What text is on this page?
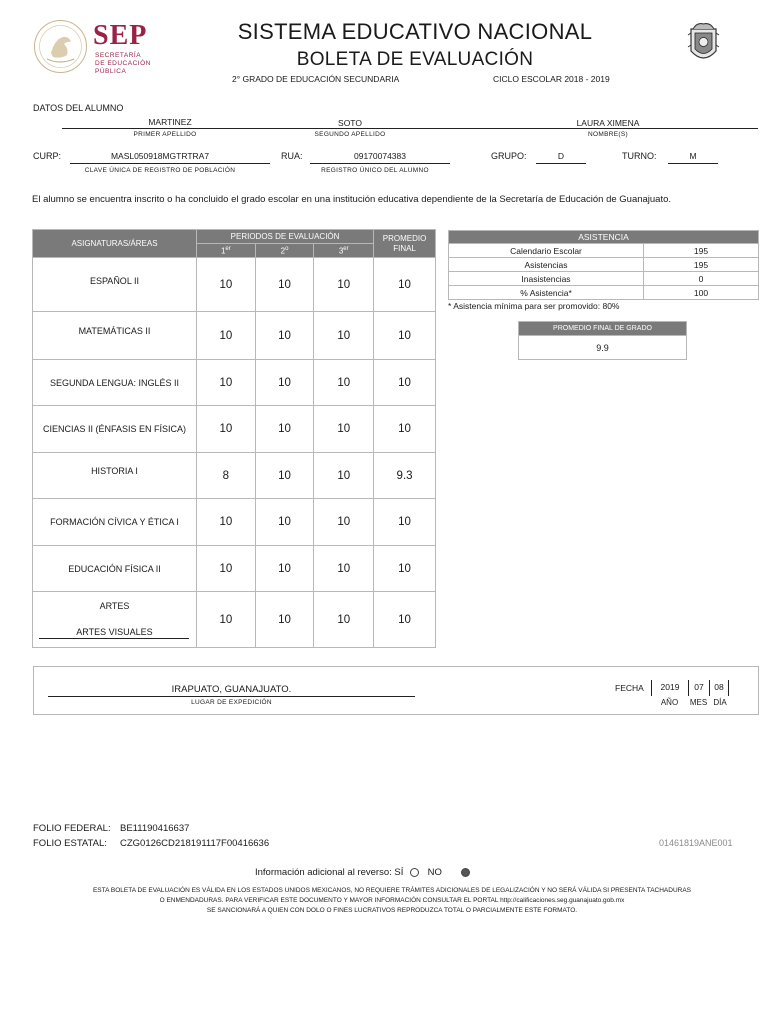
SEP
SECRETARÍA
DE EDUCACIÓN
PÚBLICA
SISTEMA EDUCATIVO NACIONAL
BOLETA DE EVALUACIÓN
2° GRADO DE EDUCACIÓN SECUNDARIA	CICLO ESCOLAR 2018 - 2019
DATOS DEL ALUMNO
MARTINEZ	SOTO	LAURA XIMENA
PRIMER APELLIDO	SEGUNDO APELLIDO	NOMBRE(S)
CURP:	MASL050918MGTRTRA7
CLAVE ÚNICA DE REGISTRO DE POBLACIÓN
RUA:	09170074383
REGISTRO ÚNICO DEL ALUMNO
GRUPO:	D	TURNO:	M
El alumno se encuentra inscrito o ha concluido el grado escolar en una institución educativa dependiente de la Secretaría de Educación de Guanajuato.
ASIGNATURAS/ÁREAS	PERIODOS DE EVALUACIÓN			PROMEDIO
FINAL

	1er	2$^o$	3er
ESPAÑOL II	10	10	10	10
MATEMÁTICAS II	10	10	10	10
SEGUNDA LENGUA: INGLÉS II	10	10	10	10
CIENCIAS II (ÉNFASIS EN FÍSICA)	10	10	10	10
HISTORIA I	8	10	10	9.3
FORMACIÓN CÍVICA Y ÉTICA I	10	10	10	10
EDUCACIÓN FÍSICA II	10	10	10	10

ARTES
ARTES VISUALES	10	10	10	10
ASISTENCIA	
Calendario Escolar	195
Asistencias	195
Inasistencias	0
% Asistencia*	100
* Asistencia mínima para ser promovido: 80%
PROMEDIO FINAL DE GRADO
9.9
IRAPUATO, GUANAJUATO.
LUGAR DE EXPEDICIÓN
FECHA	2019	07	08
AÑO	MES DÍA
FOLIO FEDERAL: BE11190416637
FOLIO ESTATAL: CZG0126CD218191117F00416636	01461819ANE001
Información adicional al reverso: SÍ	NO
ESTA BOLETA DE EVALUACIÓN ES VÁLIDA EN LOS ESTADOS UNIDOS MEXICANOS, NO REQUIERE TRÁMITES ADICIONALES DE LEGALIZACIÓN Y NO SERÁ VÁLIDA SI PRESENTA TACHADURAS
O ENMENDADURAS. PARA VERIFICAR ESTE DOCUMENTO Y MAYOR INFORMACIÓN CONSULTAR EL PORTAL http://calificaciones.seg.guanajuato.gob.mx
SE SANCIONARÁ A QUIEN CON DOLO O FINES LUCRATIVOS REPRODUZCA TOTAL O PARCIALMENTE ESTE FORMATO.
